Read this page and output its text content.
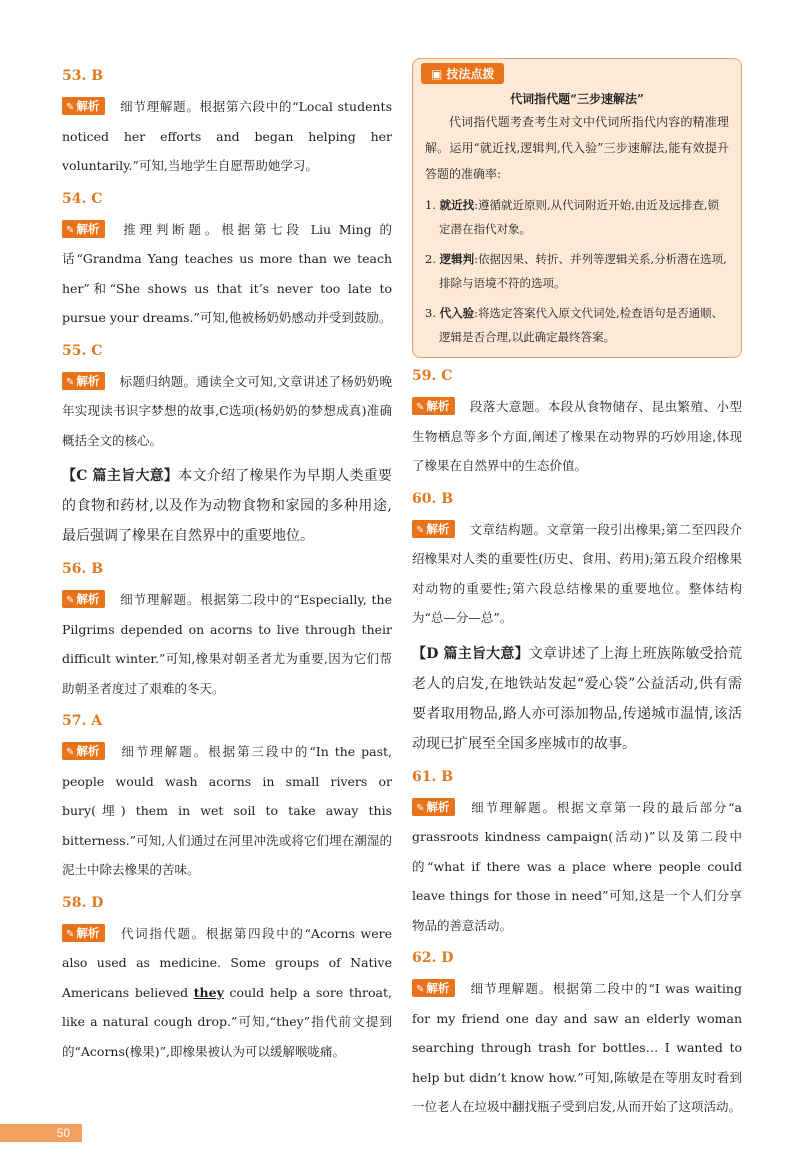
53. B

✎ 解析 细节理解题。根据第六段中的“Local students noticed her efforts and began helping her voluntarily.”可知,当地学生自愿帮助她学习。

54. C

✎ 解析 推理判断题。根据第七段 Liu Ming 的话“Grandma Yang teaches us more than we teach her”和“She shows us that it’s never too late to pursue your dreams.”可知,他被杨奶奶感动并受到鼓励。

55. C

✎ 解析 标题归纳题。通读全文可知,文章讲述了杨奶奶晚年实现读书识字梦想的故事,C选项(杨奶奶的梦想成真)准确概括全文的核心。

【C 篇主旨大意】本文介绍了橡果作为早期人类重要的食物和药材,以及作为动物食物和家园的多种用途,最后强调了橡果在自然界中的重要地位。

56. B

✎ 解析 细节理解题。根据第二段中的“Especially, the Pilgrims depended on acorns to live through their difficult winter.”可知,橡果对朝圣者尤为重要,因为它们帮助朝圣者度过了艰难的冬天。

57. A

✎ 解析 细节理解题。根据第三段中的“In the past, people would wash acorns in small rivers or bury(埋) them in wet soil to take away this bitterness.”可知,人们通过在河里冲洗或将它们埋在潮湿的泥土中除去橡果的苦味。

58. D

✎ 解析 代词指代题。根据第四段中的“Acorns were also used as medicine. Some groups of Native Americans believed they could help a sore throat, like a natural cough drop.”可知,“they”指代前文提到的“Acorns(橡果)”,即橡果被认为可以缓解喉咙痛。

▣ 技法点拨
代词指代题“三步速解法”

代词指代题考查考生对文中代词所指代内容的精准理解。运用“就近找,逻辑判,代入验”三步速解法,能有效提升答题的准确率:

1. 就近找:遵循就近原则,从代词附近开始,由近及远排查,锁定潜在指代对象。

2. 逻辑判:依据因果、转折、并列等逻辑关系,分析潜在选项,排除与语境不符的选项。

3. 代入验:将选定答案代入原文代词处,检查语句是否通顺、逻辑是否合理,以此确定最终答案。

59. C

✎ 解析 段落大意题。本段从食物储存、昆虫繁殖、小型生物栖息等多个方面,阐述了橡果在动物界的巧妙用途,体现了橡果在自然界中的生态价值。

60. B

✎ 解析 文章结构题。文章第一段引出橡果;第二至四段介绍橡果对人类的重要性(历史、食用、药用);第五段介绍橡果对动物的重要性;第六段总结橡果的重要地位。整体结构为“总—分—总”。

【D 篇主旨大意】文章讲述了上海上班族陈敏受拾荒老人的启发,在地铁站发起“爱心袋”公益活动,供有需要者取用物品,路人亦可添加物品,传递城市温情,该活动现已扩展至全国多座城市的故事。

61. B

✎ 解析 细节理解题。根据文章第一段的最后部分“a grassroots kindness campaign(活动)”以及第二段中的“what if there was a place where people could leave things for those in need”可知,这是一个人们分享物品的善意活动。

62. D

✎ 解析 细节理解题。根据第二段中的“I was waiting for my friend one day and saw an elderly woman searching through trash for bottles… I wanted to help but didn’t know how.”可知,陈敏是在等朋友时看到一位老人在垃圾中翻找瓶子受到启发,从而开始了这项活动。

50
